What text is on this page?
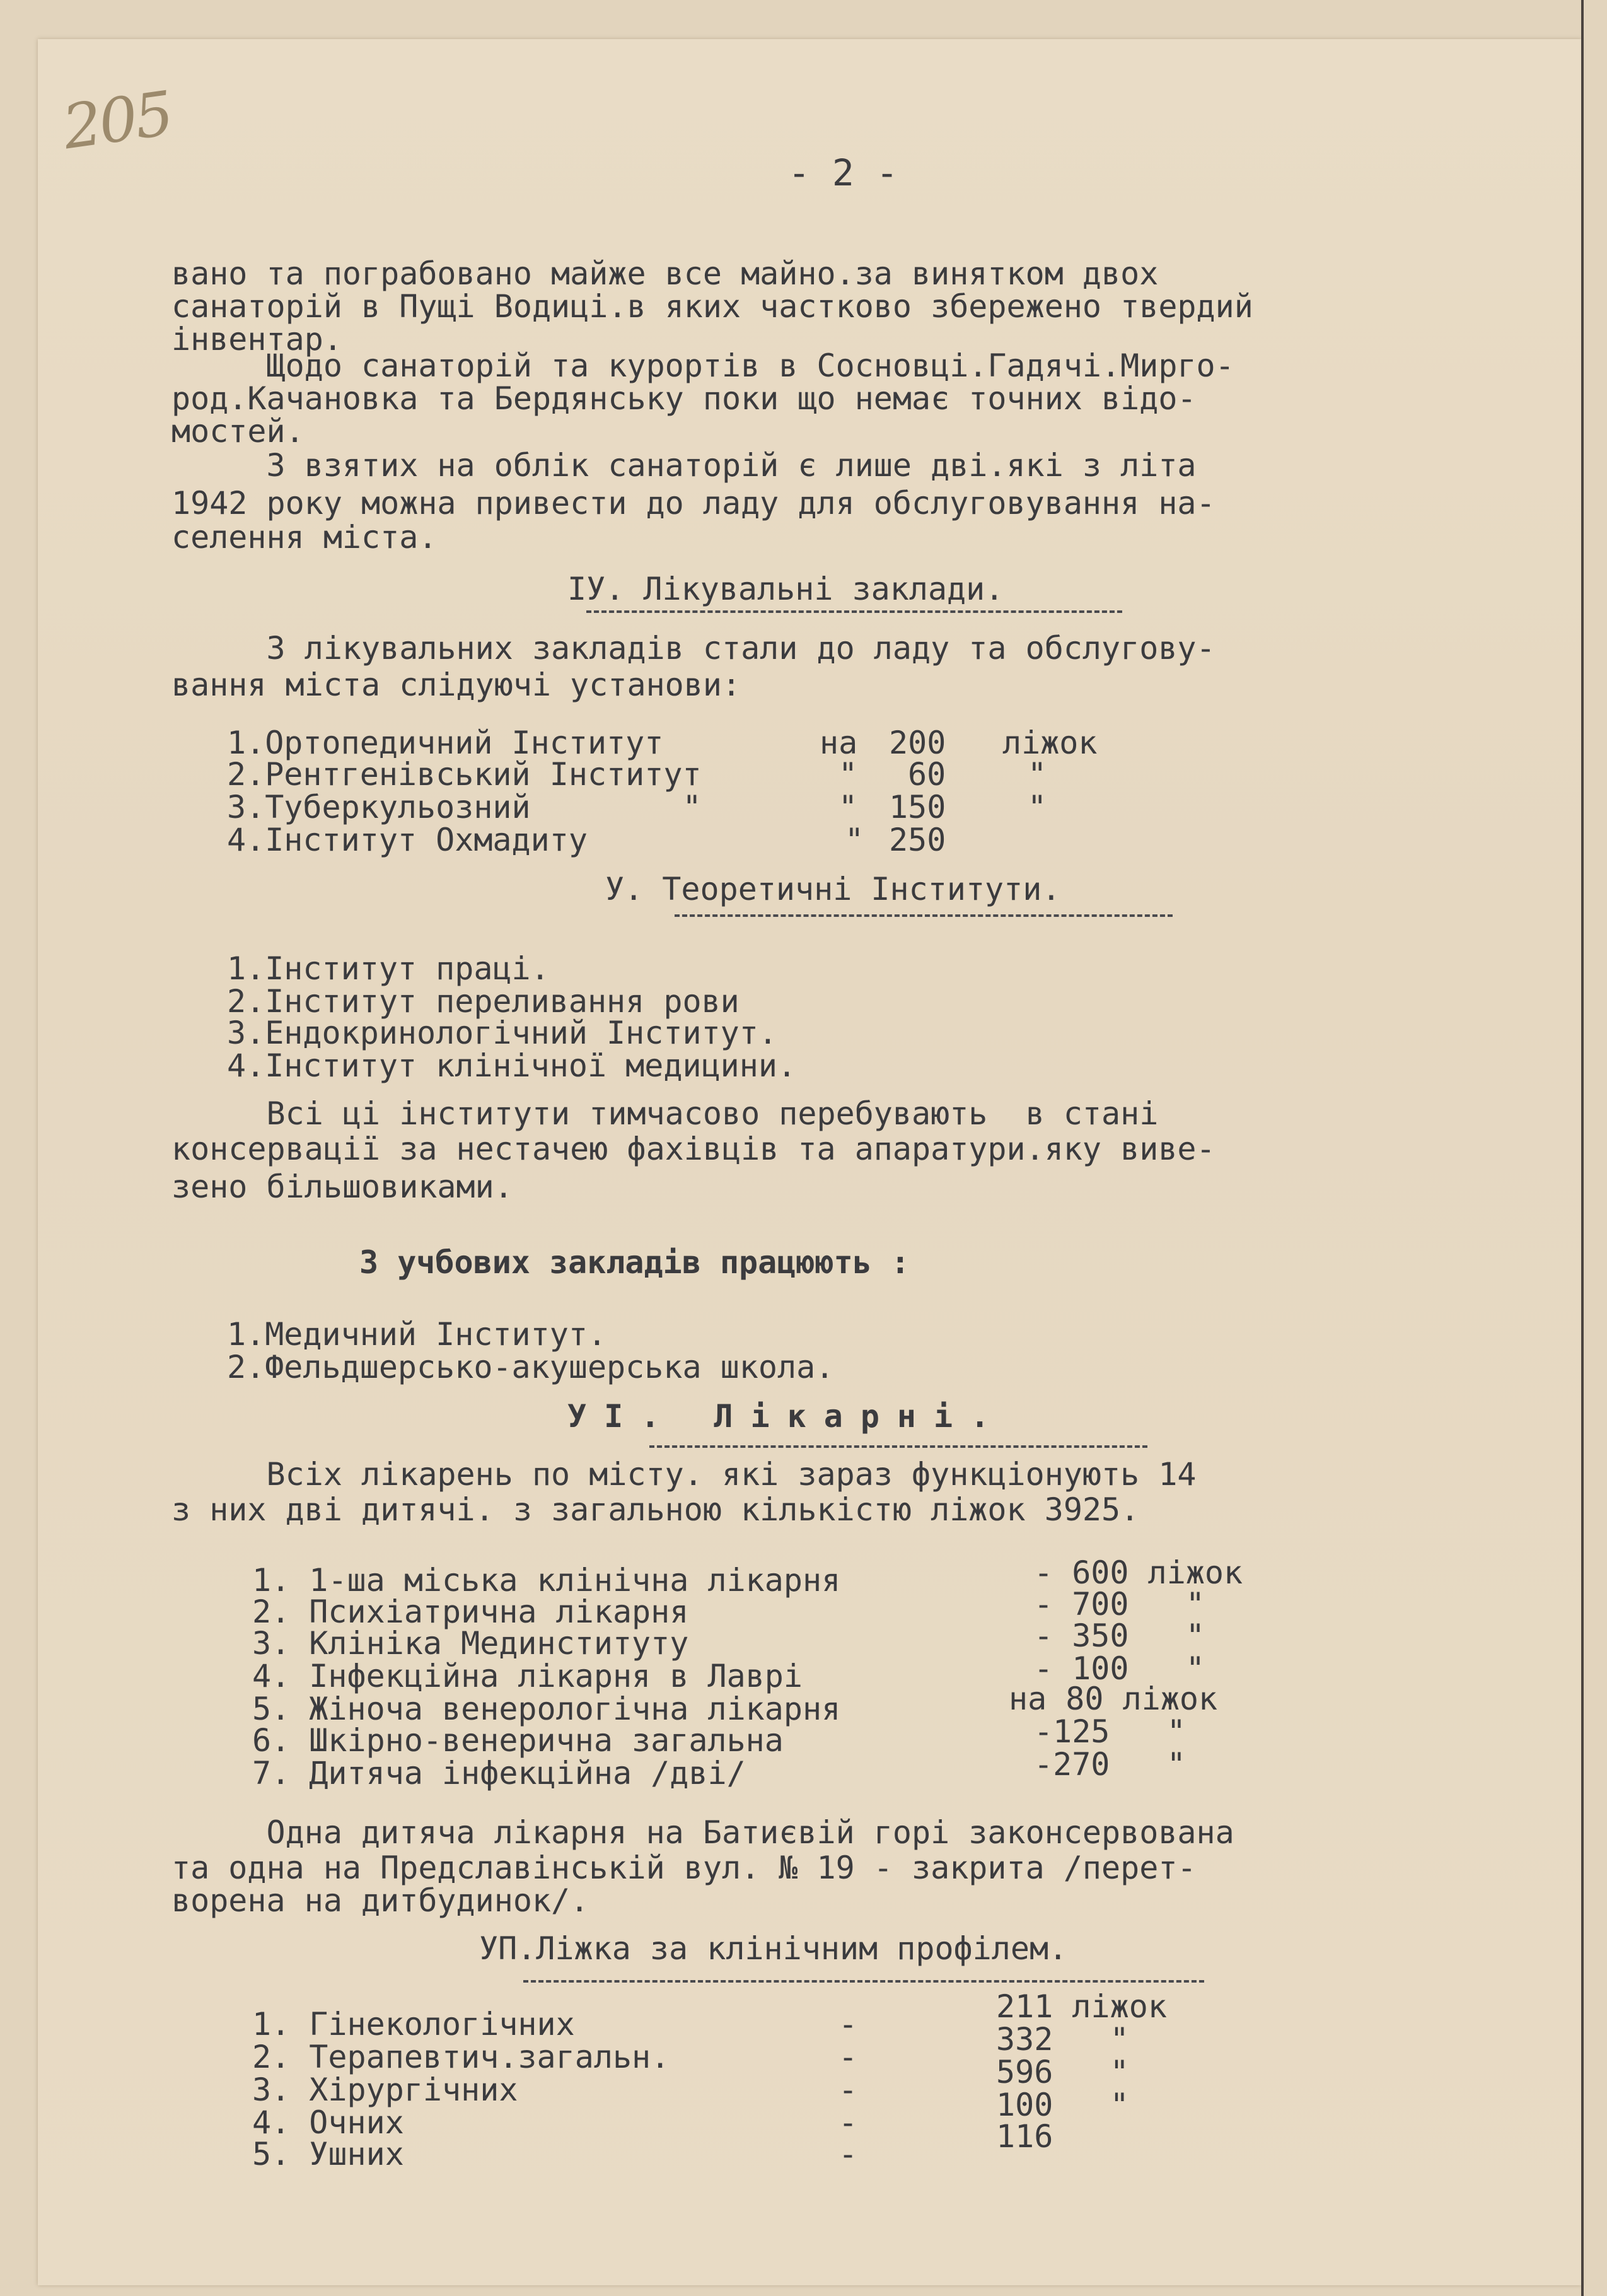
205
- 2 -
вано та пограбовано майже все майно.за винятком двох
санаторій в Пущі Водиці.в яких частково збережено твердий
інвентар.
Щодо санаторій та курортів в Сосновці.Гадячі.Миргo-
род.Качановка та Бердянську поки що немає точних відо-
мостей.
З взятих на облік санаторій є лише дві.які з літа
1942 року можна привести до ладу для обслуговування на-
селення міста.
IУ. Лікувальні заклади.
З лікувальних закладів стали до ладу та обслугову-
вання міста слідуючі установи:
1.Ортопедичний Інститут	на 200 ліжок
2.Рентгенівський Інститут	" 60	"
3.Туберкульозний        "	" 150	"
4.Інститут Охмадиту	" 250
У. Теоретичні Інститути.
1.Інститут праці.
2.Інститут переливання рови
3.Ендокринологічний Інститут.
4.Інститут клінічної медицини.
Всі ці інститути тимчасово перебувають  в стані
консервації за нестачею фахівців та апаратури.яку виве-
зено більшовиками.
З учбових закладів працюють :
1.Медичний Інститут.
2.Фельдшерсько-акушерська школа.
УІ. Лікарні.
Всіх лікарень по місту. які зараз функціонують 14
з них дві дитячі. з загальною кількістю ліжок 3925.
1. 1-ша міська клінічна лікарня	- 600 ліжок
2. Психіатрична лікарня	- 700   "
3. Клініка Мединституту	- 350   "
4. Інфекційна лікарня в Лаврі	- 100   "
5. Жіноча венерологічна лікарня	на 80 ліжок
6. Шкірно-венерична загальна	-125   "
7. Дитяча інфекційна /дві/	-270   "
Одна дитяча лікарня на Батиєвій горі законсервована
та одна на Предславінській вул. № 19 - закрита /перет-
ворена на дитбудинок/.
УП.Ліжка за клінічним профілем.
1. Гінекологічних	-	211 ліжок
2. Терапевтич.загальн.	-	332   "
3. Хірургічних	-	596   "
4. Очних	-	100   "
5. Ушних	-	116
